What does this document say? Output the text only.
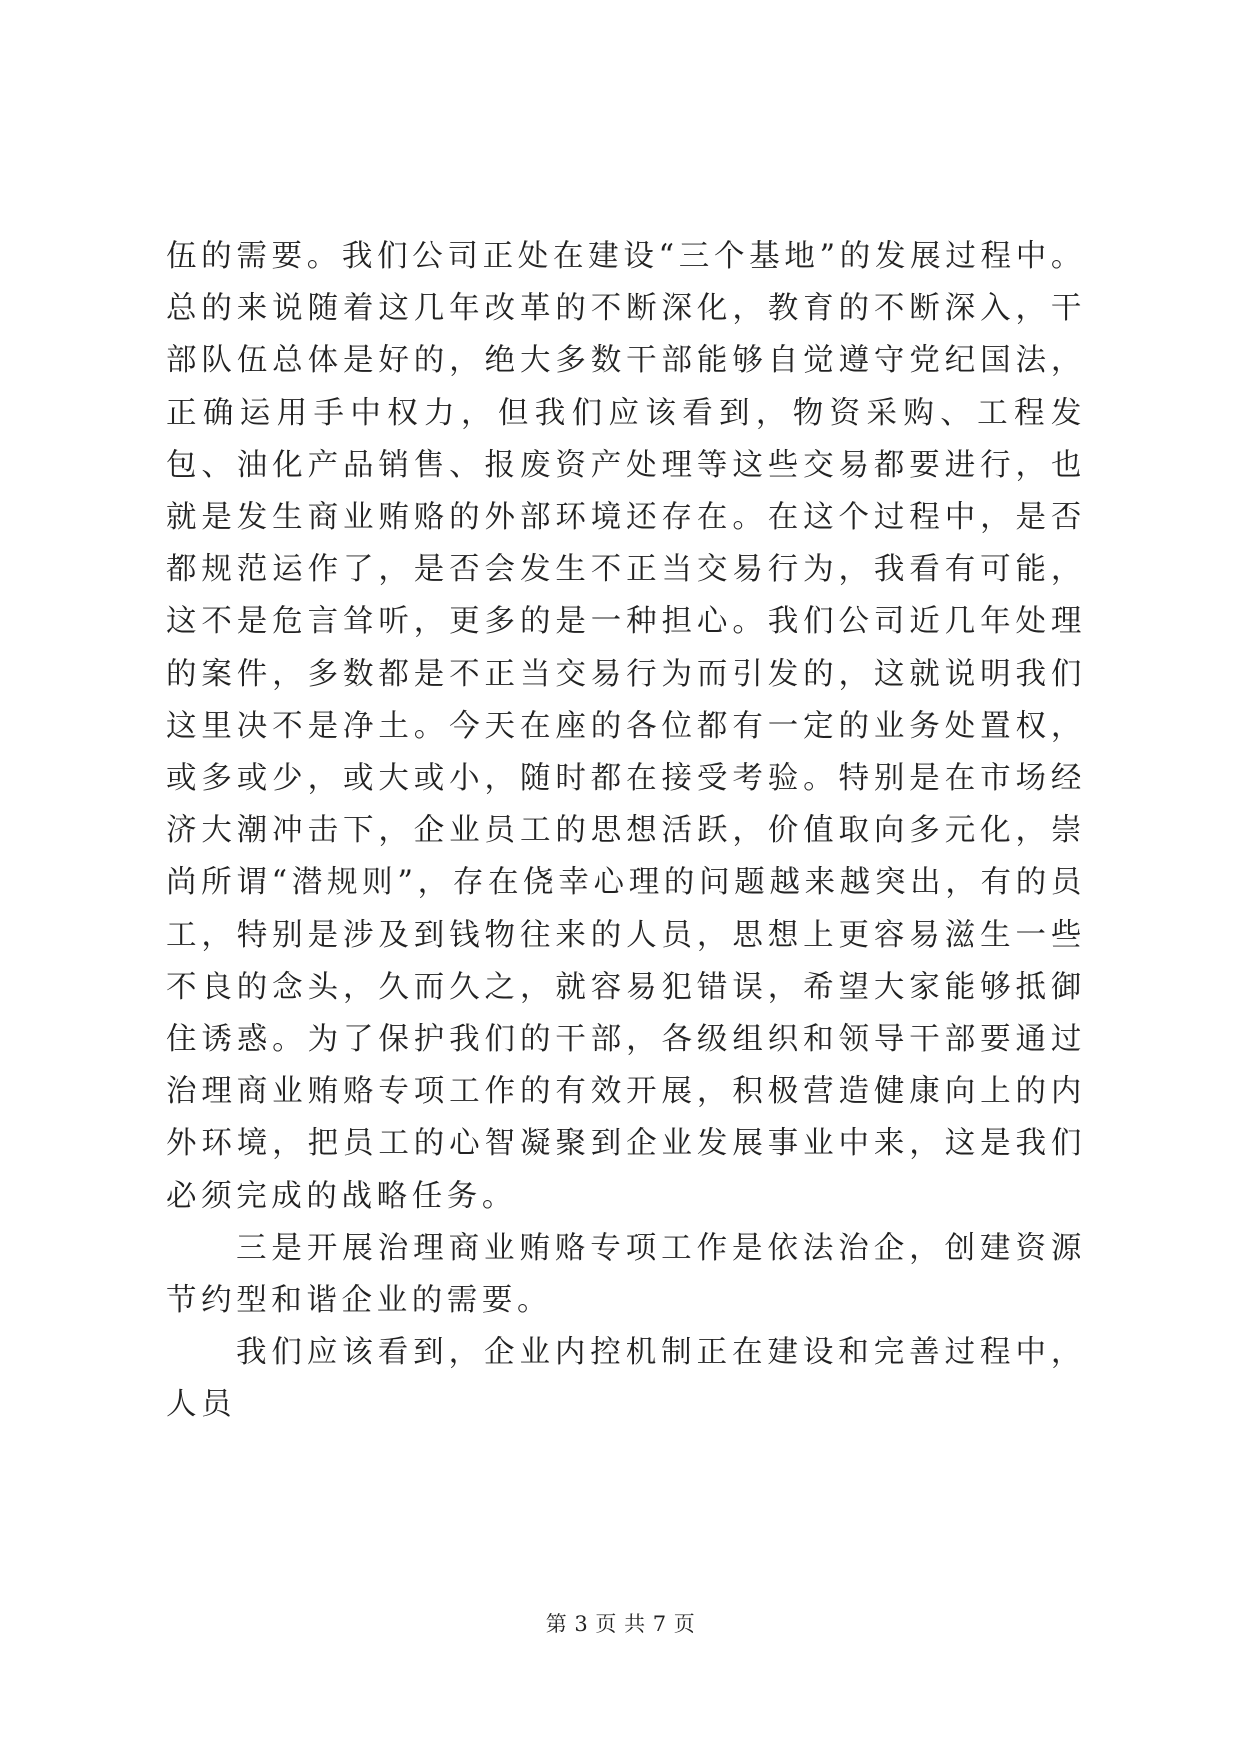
伍的需要。我们公司正处在建设“三个基地”的发展过程中。总的来说随着这几年改革的不断深化，教育的不断深入，干部队伍总体是好的，绝大多数干部能够自觉遵守党纪国法，正确运用手中权力，但我们应该看到，物资采购、工程发包、油化产品销售、报废资产处理等这些交易都要进行，也就是发生商业贿赂的外部环境还存在。在这个过程中，是否都规范运作了，是否会发生不正当交易行为，我看有可能，这不是危言耸听，更多的是一种担心。我们公司近几年处理的案件，多数都是不正当交易行为而引发的，这就说明我们这里决不是净土。今天在座的各位都有一定的业务处置权，或多或少，或大或小，随时都在接受考验。特别是在市场经济大潮冲击下，企业员工的思想活跃，价值取向多元化，崇尚所谓“潜规则”，存在侥幸心理的问题越来越突出，有的员工，特别是涉及到钱物往来的人员，思想上更容易滋生一些不良的念头，久而久之，就容易犯错误，希望大家能够抵御住诱惑。为了保护我们的干部，各级组织和领导干部要通过治理商业贿赂专项工作的有效开展，积极营造健康向上的内外环境，把员工的心智凝聚到企业发展事业中来，这是我们必须完成的战略任务。

三是开展治理商业贿赂专项工作是依法治企，创建资源节约型和谐企业的需要。

我们应该看到，企业内控机制正在建设和完善过程中，人员

第 3 页 共 7 页
